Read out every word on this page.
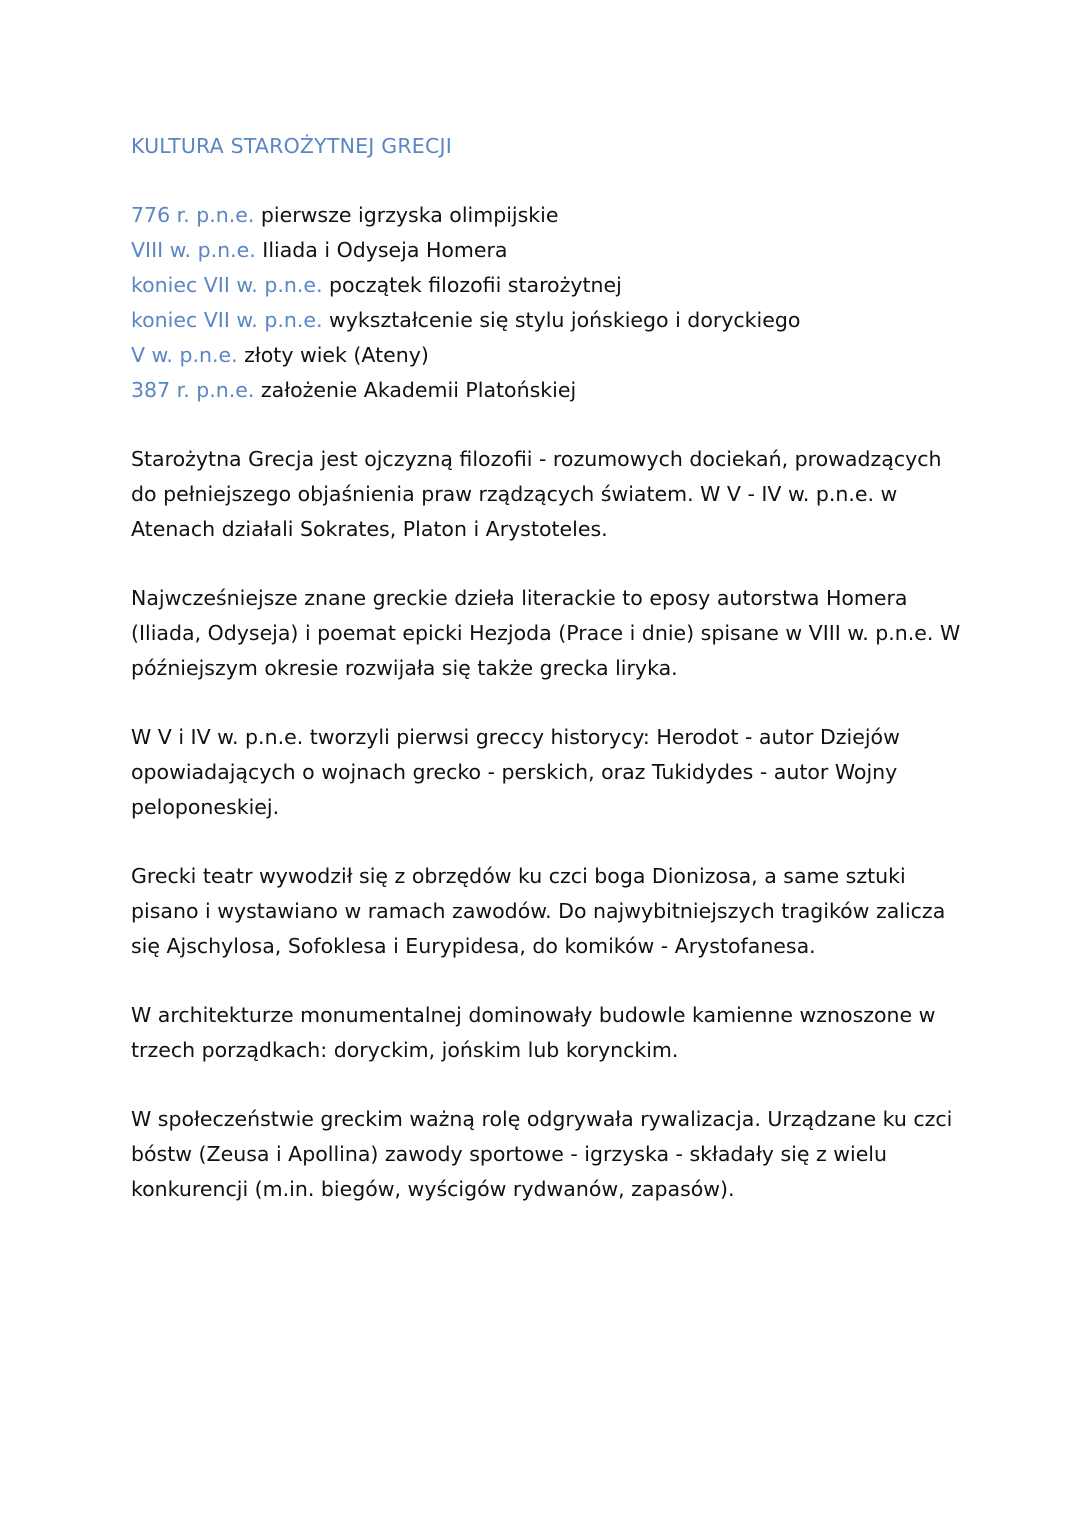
KULTURA STAROŻYTNEJ GRECJI
776 r. p.n.e. pierwsze igrzyska olimpijskie
VIII w. p.n.e. Iliada i Odyseja Homera
koniec VII w. p.n.e. początek filozofii starożytnej
koniec VII w. p.n.e. wykształcenie się stylu jońskiego i doryckiego
V w. p.n.e. złoty wiek (Ateny)
387 r. p.n.e. założenie Akademii Platońskiej

Starożytna Grecja jest ojczyzną filozofii - rozumowych dociekań, prowadzących do pełniejszego objaśnienia praw rządzących światem. W V - IV w. p.n.e. w Atenach działali Sokrates, Platon i Arystoteles.

Najwcześniejsze znane greckie dzieła literackie to eposy autorstwa Homera (Iliada, Odyseja) i poemat epicki Hezjoda (Prace i dnie) spisane w VIII w. p.n.e. W późniejszym okresie rozwijała się także grecka liryka.

W V i IV w. p.n.e. tworzyli pierwsi greccy historycy: Herodot - autor Dziejów opowiadających o wojnach grecko - perskich, oraz Tukidydes - autor Wojny peloponeskiej.

Grecki teatr wywodził się z obrzędów ku czci boga Dionizosa, a same sztuki pisano i wystawiano w ramach zawodów. Do najwybitniejszych tragików zalicza się Ajschylosa, Sofoklesa i Eurypidesa, do komików - Arystofanesa.

W architekturze monumentalnej dominowały budowle kamienne wznoszone w trzech porządkach: doryckim, jońskim lub korynckim.

W społeczeństwie greckim ważną rolę odgrywała rywalizacja. Urządzane ku czci bóstw (Zeusa i Apollina) zawody sportowe - igrzyska - składały się z wielu konkurencji (m.in. biegów, wyścigów rydwanów, zapasów).
